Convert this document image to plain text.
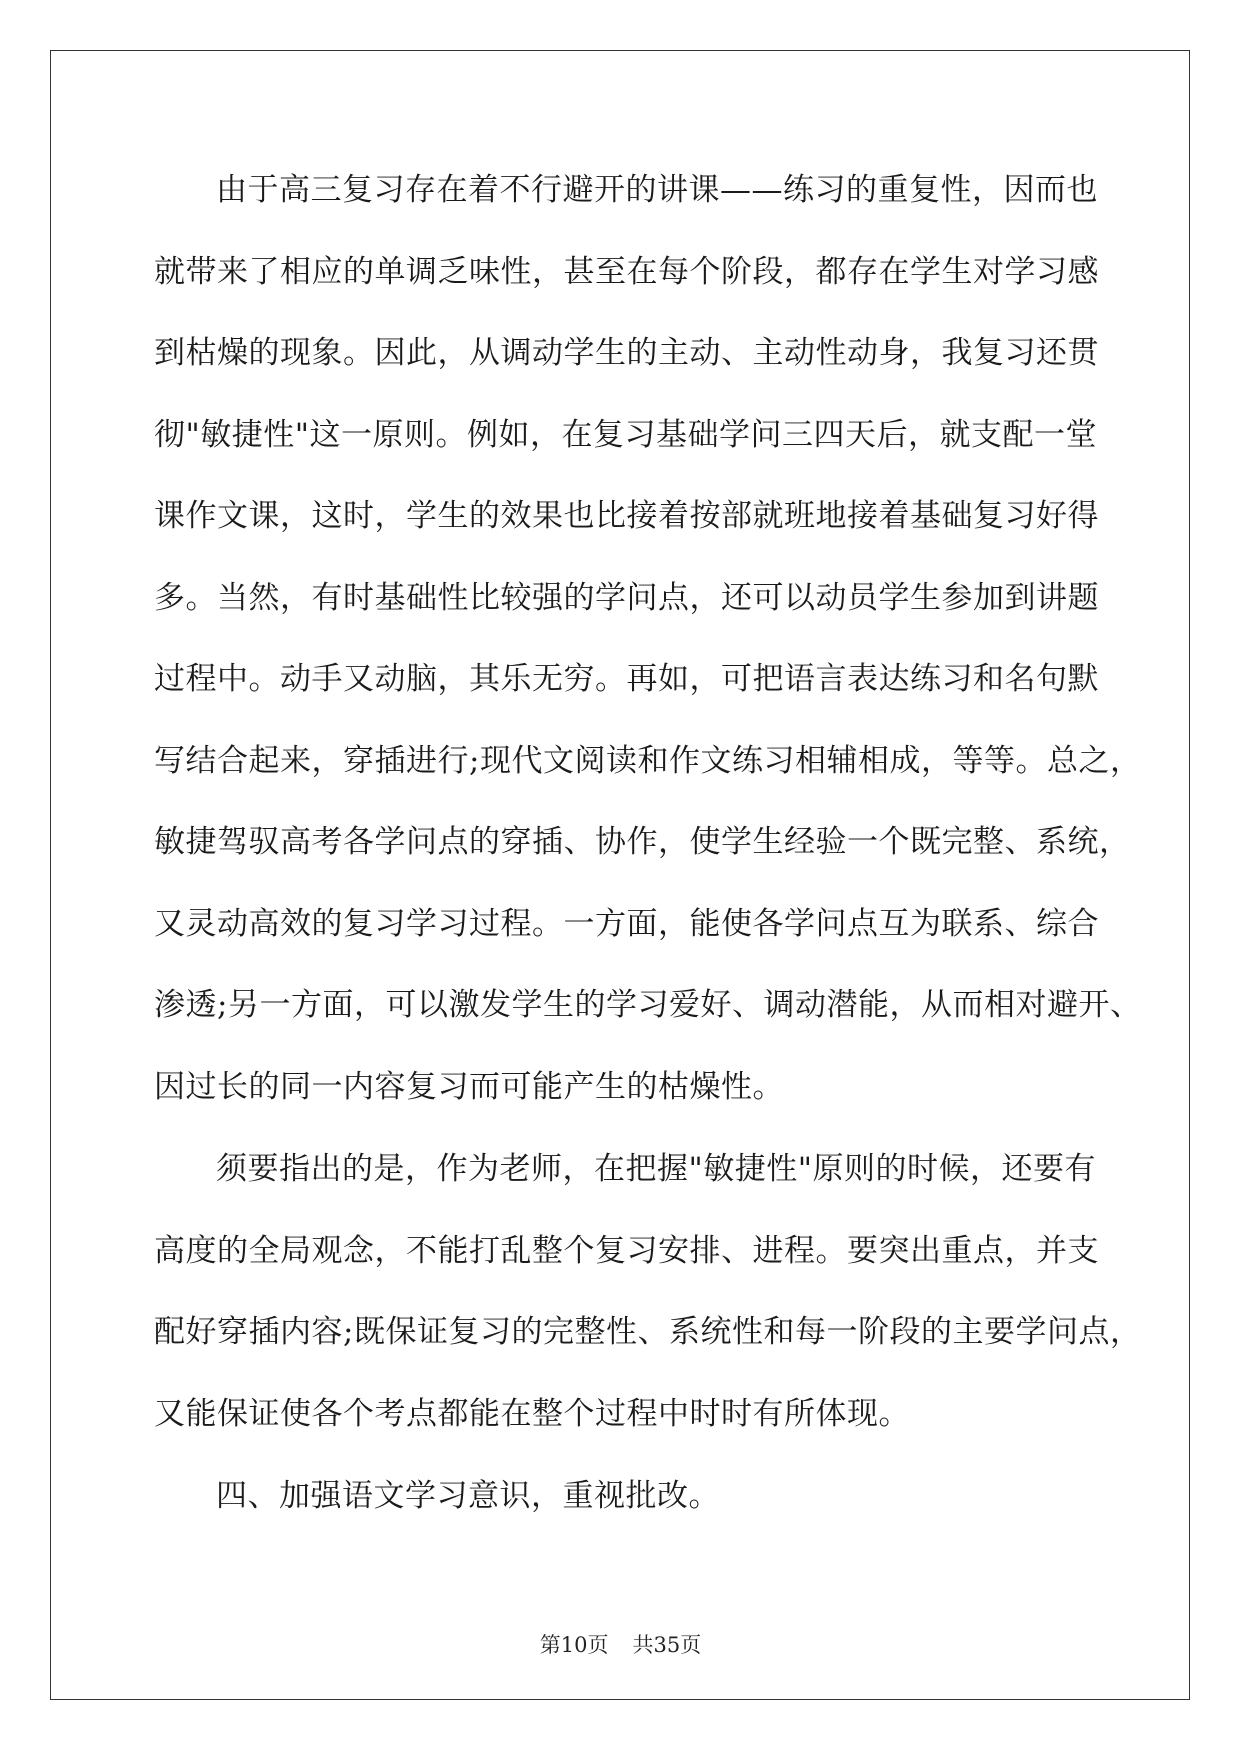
由于高三复习存在着不行避开的讲课——练习的重复性，因而也
就带来了相应的单调乏味性，甚至在每个阶段，都存在学生对学习感
到枯燥的现象。因此，从调动学生的主动、主动性动身，我复习还贯
彻"敏捷性"这一原则。例如，在复习基础学问三四天后，就支配一堂
课作文课，这时，学生的效果也比接着按部就班地接着基础复习好得
多。当然，有时基础性比较强的学问点，还可以动员学生参加到讲题
过程中。动手又动脑，其乐无穷。再如，可把语言表达练习和名句默
写结合起来，穿插进行;现代文阅读和作文练习相辅相成，等等。总之，
敏捷驾驭高考各学问点的穿插、协作，使学生经验一个既完整、系统，
又灵动高效的复习学习过程。一方面，能使各学问点互为联系、综合
渗透;另一方面，可以激发学生的学习爱好、调动潜能，从而相对避开、
因过长的同一内容复习而可能产生的枯燥性。
须要指出的是，作为老师，在把握"敏捷性"原则的时候，还要有
高度的全局观念，不能打乱整个复习安排、进程。要突出重点，并支
配好穿插内容;既保证复习的完整性、系统性和每一阶段的主要学问点，
又能保证使各个考点都能在整个过程中时时有所体现。
四、加强语文学习意识，重视批改。
第10页 共35页
